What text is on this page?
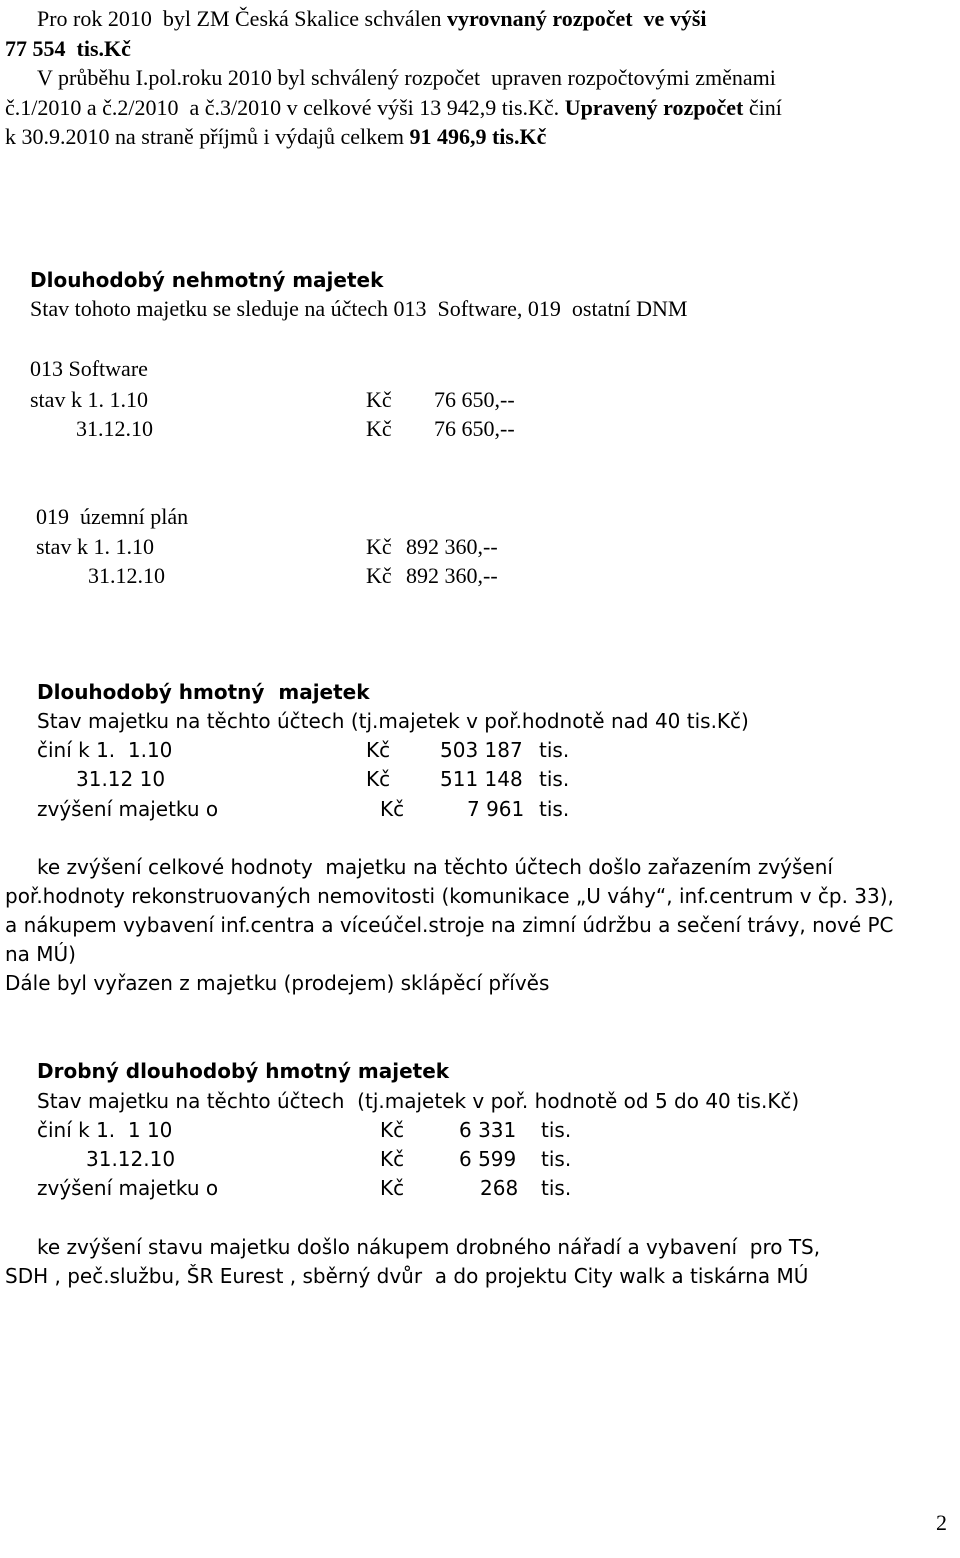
Pro rok 2010  byl ZM Česká Skalice schválen vyrovnaný rozpočet  ve výši
77 554  tis.Kč
V průběhu I.pol.roku 2010 byl schválený rozpočet  upraven rozpočtovými změnami
č.1/2010 a č.2/2010  a č.3/2010 v celkové výši 13 942,9 tis.Kč. Upravený rozpočet činí
k 30.9.2010 na straně příjmů i výdajů celkem 91 496,9 tis.Kč
Dlouhodobý nehmotný majetek
Stav tohoto majetku se sleduje na účtech 013  Software, 019  ostatní DNM
013 Software
stav k 1. 1.10	Kč 76 650,--
31.12.10	Kč 76 650,--
019  územní plán
stav k 1. 1.10	Kč 892 360,--
31.12.10	Kč 892 360,--
Dlouhodobý hmotný  majetek
Stav majetku na těchto účtech (tj.majetek v poř.hodnotě nad 40 tis.Kč)
činí k 1.  1.10	Kč 503 187 tis.
31.12 10	Kč 511 148 tis.
zvýšení majetku o	Kč	7 961 tis.
ke zvýšení celkové hodnoty  majetku na těchto účtech došlo zařazením zvýšení
poř.hodnoty rekonstruovaných nemovitosti (komunikace „U váhy“, inf.centrum v čp. 33),
a nákupem vybavení inf.centra a víceúčel.stroje na zimní údržbu a sečení trávy, nové PC
na MÚ)
Dále byl vyřazen z majetku (prodejem) sklápěcí přívěs
Drobný dlouhodobý hmotný majetek
Stav majetku na těchto účtech  (tj.majetek v poř. hodnotě od 5 do 40 tis.Kč)
činí k 1.  1 10	Kč	6 331 tis.
31.12.10	Kč	6 599 tis.
zvýšení majetku o	Kč	268 tis.
ke zvýšení stavu majetku došlo nákupem drobného nářadí a vybavení  pro TS,
SDH , peč.službu, ŠR Eurest , sběrný dvůr  a do projektu City walk a tiskárna MÚ
2
